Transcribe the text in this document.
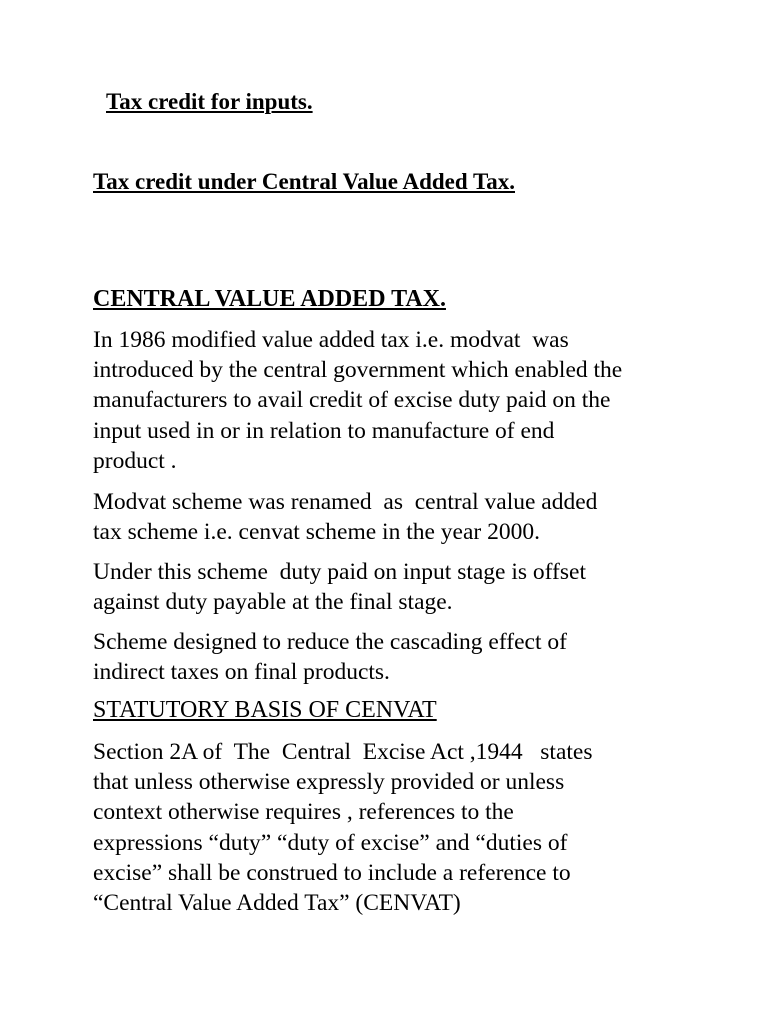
Tax credit for inputs.
Tax credit under Central Value Added Tax.
CENTRAL VALUE ADDED TAX.

In 1986 modified value added tax i.e. modvat  was
introduced by the central government which enabled the
manufacturers to avail credit of excise duty paid on the
input used in or in relation to manufacture of end
product .

Modvat scheme was renamed  as  central value added
tax scheme i.e. cenvat scheme in the year 2000.

Under this scheme  duty paid on input stage is offset
against duty payable at the final stage.

Scheme designed to reduce the cascading effect of
indirect taxes on final products.

STATUTORY BASIS OF CENVAT

Section 2A of  The  Central  Excise Act ,1944   states
that unless otherwise expressly provided or unless
context otherwise requires , references to the
expressions “duty” “duty of excise” and “duties of
excise” shall be construed to include a reference to
“Central Value Added Tax” (CENVAT)
